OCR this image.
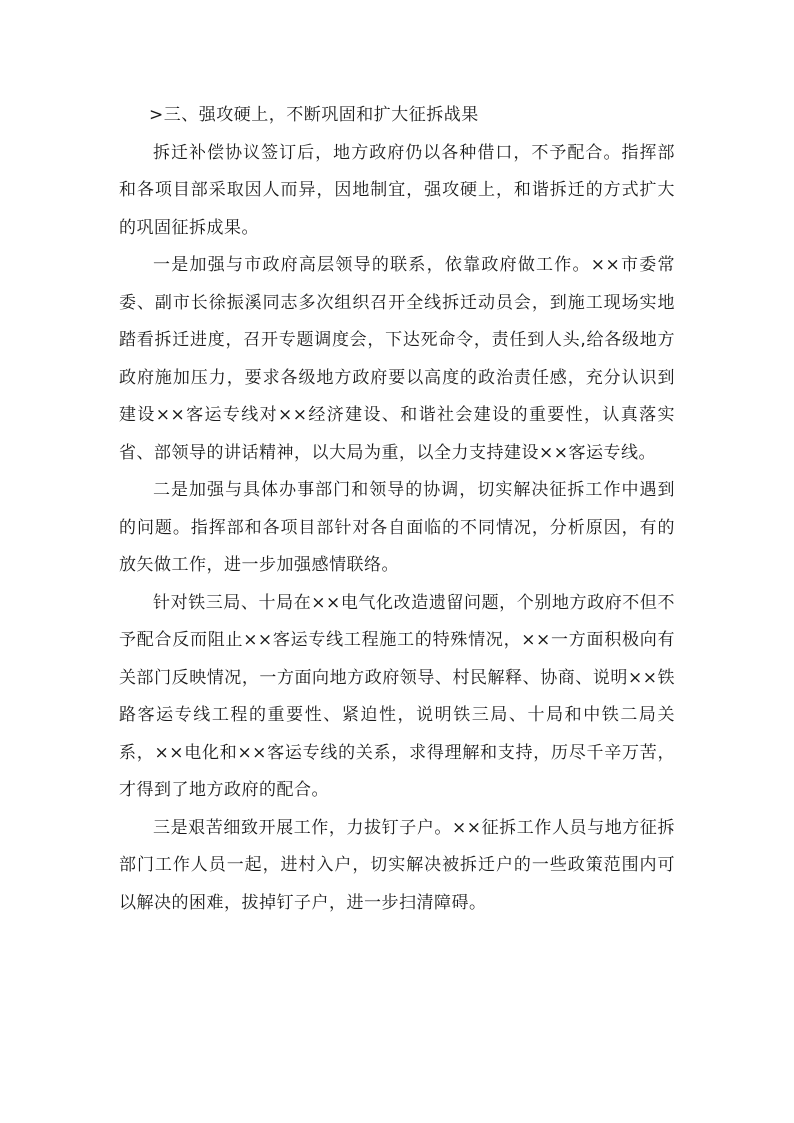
>三、强攻硬上，不断巩固和扩大征拆战果

拆迁补偿协议签订后，地方政府仍以各种借口，不予配合。指挥部和各项目部采取因人而异，因地制宜，强攻硬上，和谐拆迁的方式扩大的巩固征拆成果。

一是加强与市政府高层领导的联系，依靠政府做工作。××市委常委、副市长徐振溪同志多次组织召开全线拆迁动员会，到施工现场实地踏看拆迁进度，召开专题调度会，下达死命令，责任到人头,给各级地方政府施加压力，要求各级地方政府要以高度的政治责任感，充分认识到建设××客运专线对××经济建设、和谐社会建设的重要性，认真落实省、部领导的讲话精神，以大局为重，以全力支持建设××客运专线。

二是加强与具体办事部门和领导的协调，切实解决征拆工作中遇到的问题。指挥部和各项目部针对各自面临的不同情况，分析原因，有的放矢做工作，进一步加强感情联络。

针对铁三局、十局在××电气化改造遗留问题，个别地方政府不但不予配合反而阻止××客运专线工程施工的特殊情况，××一方面积极向有关部门反映情况，一方面向地方政府领导、村民解释、协商、说明××铁路客运专线工程的重要性、紧迫性，说明铁三局、十局和中铁二局关系，××电化和××客运专线的关系，求得理解和支持，历尽千辛万苦，才得到了地方政府的配合。

三是艰苦细致开展工作，力拔钉子户。××征拆工作人员与地方征拆部门工作人员一起，进村入户，切实解决被拆迁户的一些政策范围内可以解决的困难，拔掉钉子户，进一步扫清障碍。
